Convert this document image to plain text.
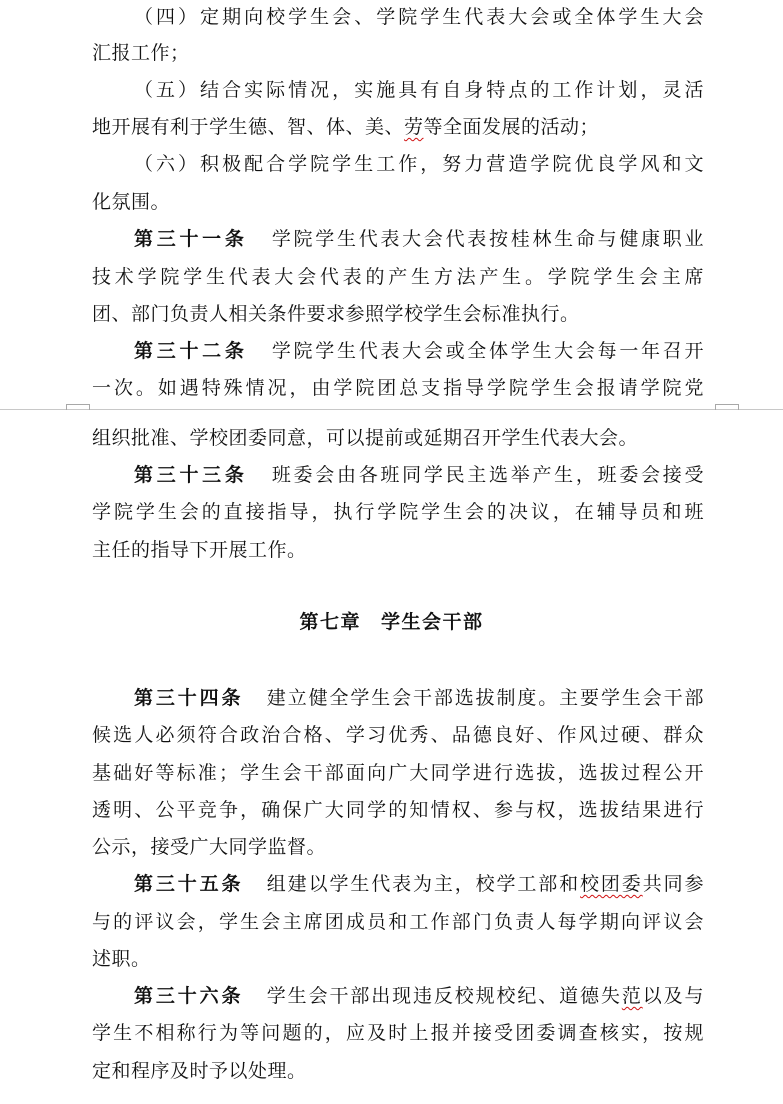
（四）定期向校学生会、学院学生代表大会或全体学生大会

汇报工作；

（五）结合实际情况，实施具有自身特点的工作计划，灵活

地开展有利于学生德、智、体、美、劳等全面发展的活动；

（六）积极配合学院学生工作，努力营造学院优良学风和文

化氛围。

第三十一条 学院学生代表大会代表按桂林生命与健康职业

技术学院学生代表大会代表的产生方法产生。学院学生会主席

团、部门负责人相关条件要求参照学校学生会标准执行。

第三十二条 学院学生代表大会或全体学生大会每一年召开

一次。如遇特殊情况，由学院团总支指导学院学生会报请学院党

组织批准、学校团委同意，可以提前或延期召开学生代表大会。

第三十三条 班委会由各班同学民主选举产生，班委会接受

学院学生会的直接指导，执行学院学生会的决议，在辅导员和班

主任的指导下开展工作。

第七章 学生会干部

第三十四条 建立健全学生会干部选拔制度。主要学生会干部

候选人必须符合政治合格、学习优秀、品德良好、作风过硬、群众

基础好等标准；学生会干部面向广大同学进行选拔，选拔过程公开

透明、公平竞争，确保广大同学的知情权、参与权，选拔结果进行

公示，接受广大同学监督。

第三十五条 组建以学生代表为主，校学工部和校团委共同参

与的评议会，学生会主席团成员和工作部门负责人每学期向评议会

述职。

第三十六条 学生会干部出现违反校规校纪、道德失范以及与

学生不相称行为等问题的，应及时上报并接受团委调查核实，按规

定和程序及时予以处理。
